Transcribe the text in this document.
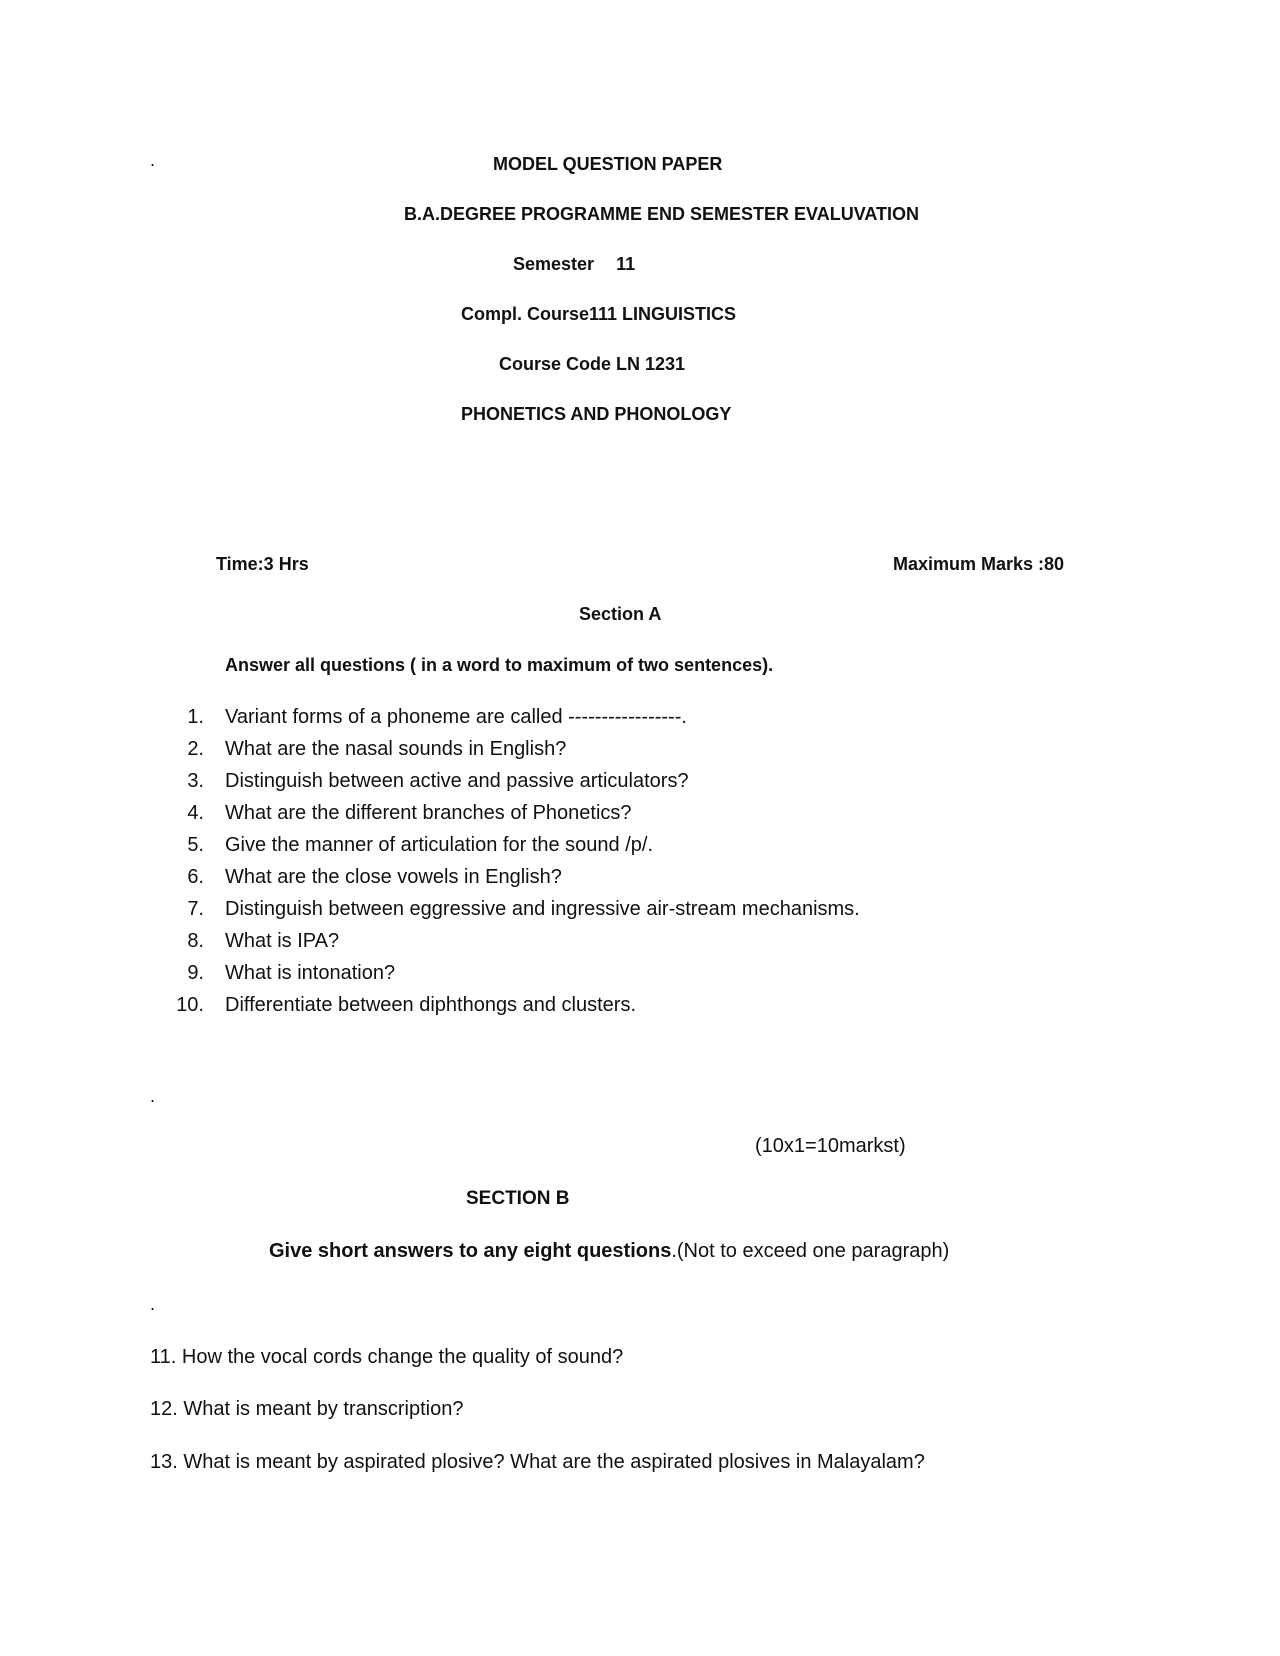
.	MODEL QUESTION PAPER
B.A.DEGREE PROGRAMME END SEMESTER EVALUVATION
Semester 11
Compl. Course111 LINGUISTICS
Course Code LN 1231
PHONETICS AND PHONOLOGY
Time:3 Hrs	Maximum Marks :80
Section A
Answer all questions ( in a word to maximum of two sentences).
1. Variant forms of a phoneme are called -----------------.
2. What are the nasal sounds in English?
3. Distinguish between active and passive articulators?
4. What are the different branches of Phonetics?
5. Give the manner of articulation for the sound /p/.
6. What are the close vowels in English?
7. Distinguish between eggressive and ingressive air-stream mechanisms.
8. What is IPA?
9. What is intonation?
10. Differentiate between diphthongs and clusters.
.
(10x1=10markst)
SECTION B
Give short answers to any eight questions.(Not to exceed one paragraph)
.
11. How the vocal cords change the quality of sound?
12. What is meant by transcription?
13. What is meant by aspirated plosive? What are the aspirated plosives in Malayalam?
